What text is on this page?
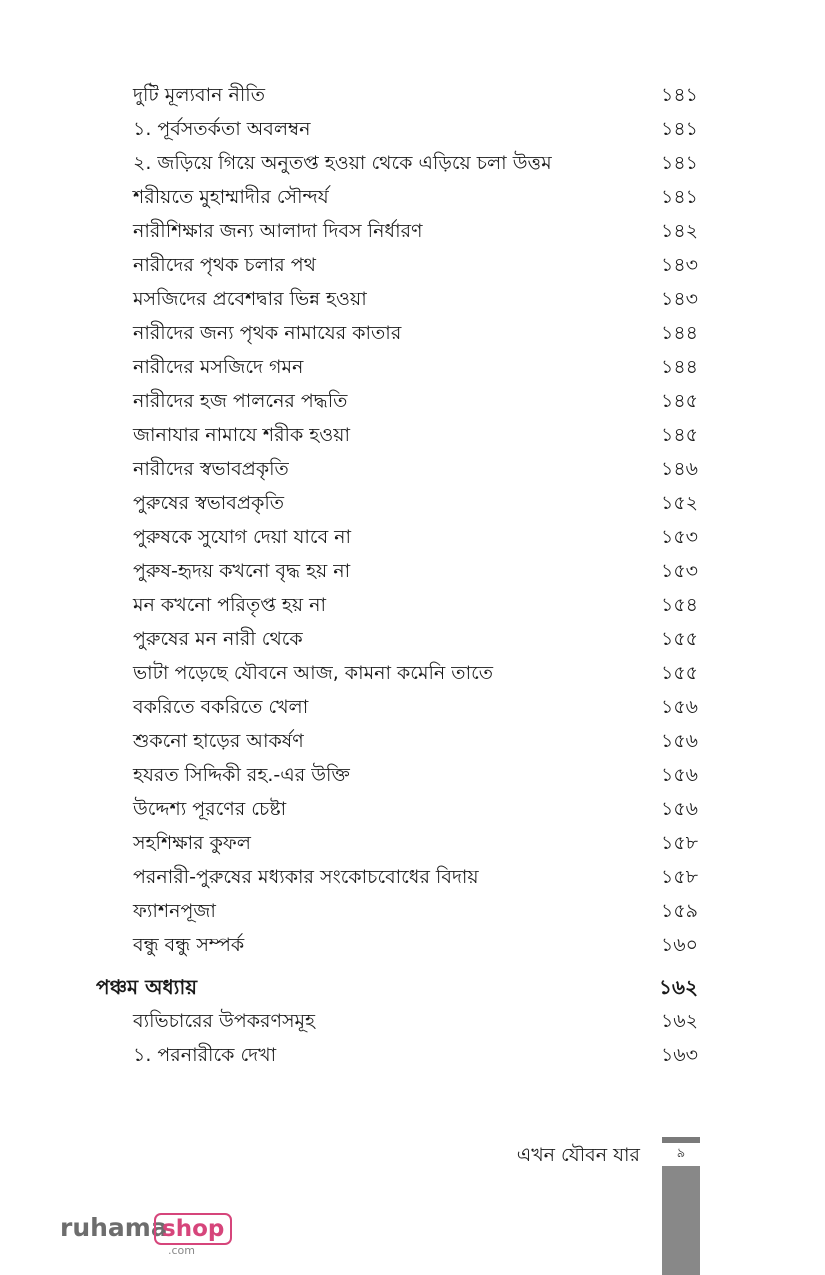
দুটি মূল্যবান নীতি	১৪১
১. পূর্বসতর্কতা অবলম্বন	১৪১
২. জড়িয়ে গিয়ে অনুতপ্ত হওয়া থেকে এড়িয়ে চলা উত্তম	১৪১
শরীয়তে মুহাম্মাদীর সৌন্দর্য	১৪১
নারীশিক্ষার জন্য আলাদা দিবস নির্ধারণ	১৪২
নারীদের পৃথক চলার পথ	১৪৩
মসজিদের প্রবেশদ্বার ভিন্ন হওয়া	১৪৩
নারীদের জন্য পৃথক নামাযের কাতার	১৪৪
নারীদের মসজিদে গমন	১৪৪
নারীদের হজ পালনের পদ্ধতি	১৪৫
জানাযার নামাযে শরীক হওয়া	১৪৫
নারীদের স্বভাবপ্রকৃতি	১৪৬
পুরুষের স্বভাবপ্রকৃতি	১৫২
পুরুষকে সুযোগ দেয়া যাবে না	১৫৩
পুরুষ-হৃদয় কখনো বৃদ্ধ হয় না	১৫৩
মন কখনো পরিতৃপ্ত হয় না	১৫৪
পুরুষের মন নারী থেকে	১৫৫
ভাটা পড়েছে যৌবনে আজ, কামনা কমেনি তাতে	১৫৫
বকরিতে বকরিতে খেলা	১৫৬
শুকনো হাড়ের আকর্ষণ	১৫৬
হযরত সিদ্দিকী রহ.-এর উক্তি	১৫৬
উদ্দেশ্য পূরণের চেষ্টা	১৫৬
সহশিক্ষার কুফল	১৫৮
পরনারী-পুরুষের মধ্যকার সংকোচবোধের বিদায়	১৫৮
ফ্যাশনপূজা	১৫৯
বন্ধু বন্ধু সম্পর্ক	১৬০
পঞ্চম অধ্যায়	১৬২
ব্যভিচারের উপকরণসমূহ	১৬২
১. পরনারীকে দেখা	১৬৩
এখন যৌবন যার	৯
ruhama
shop
.com
